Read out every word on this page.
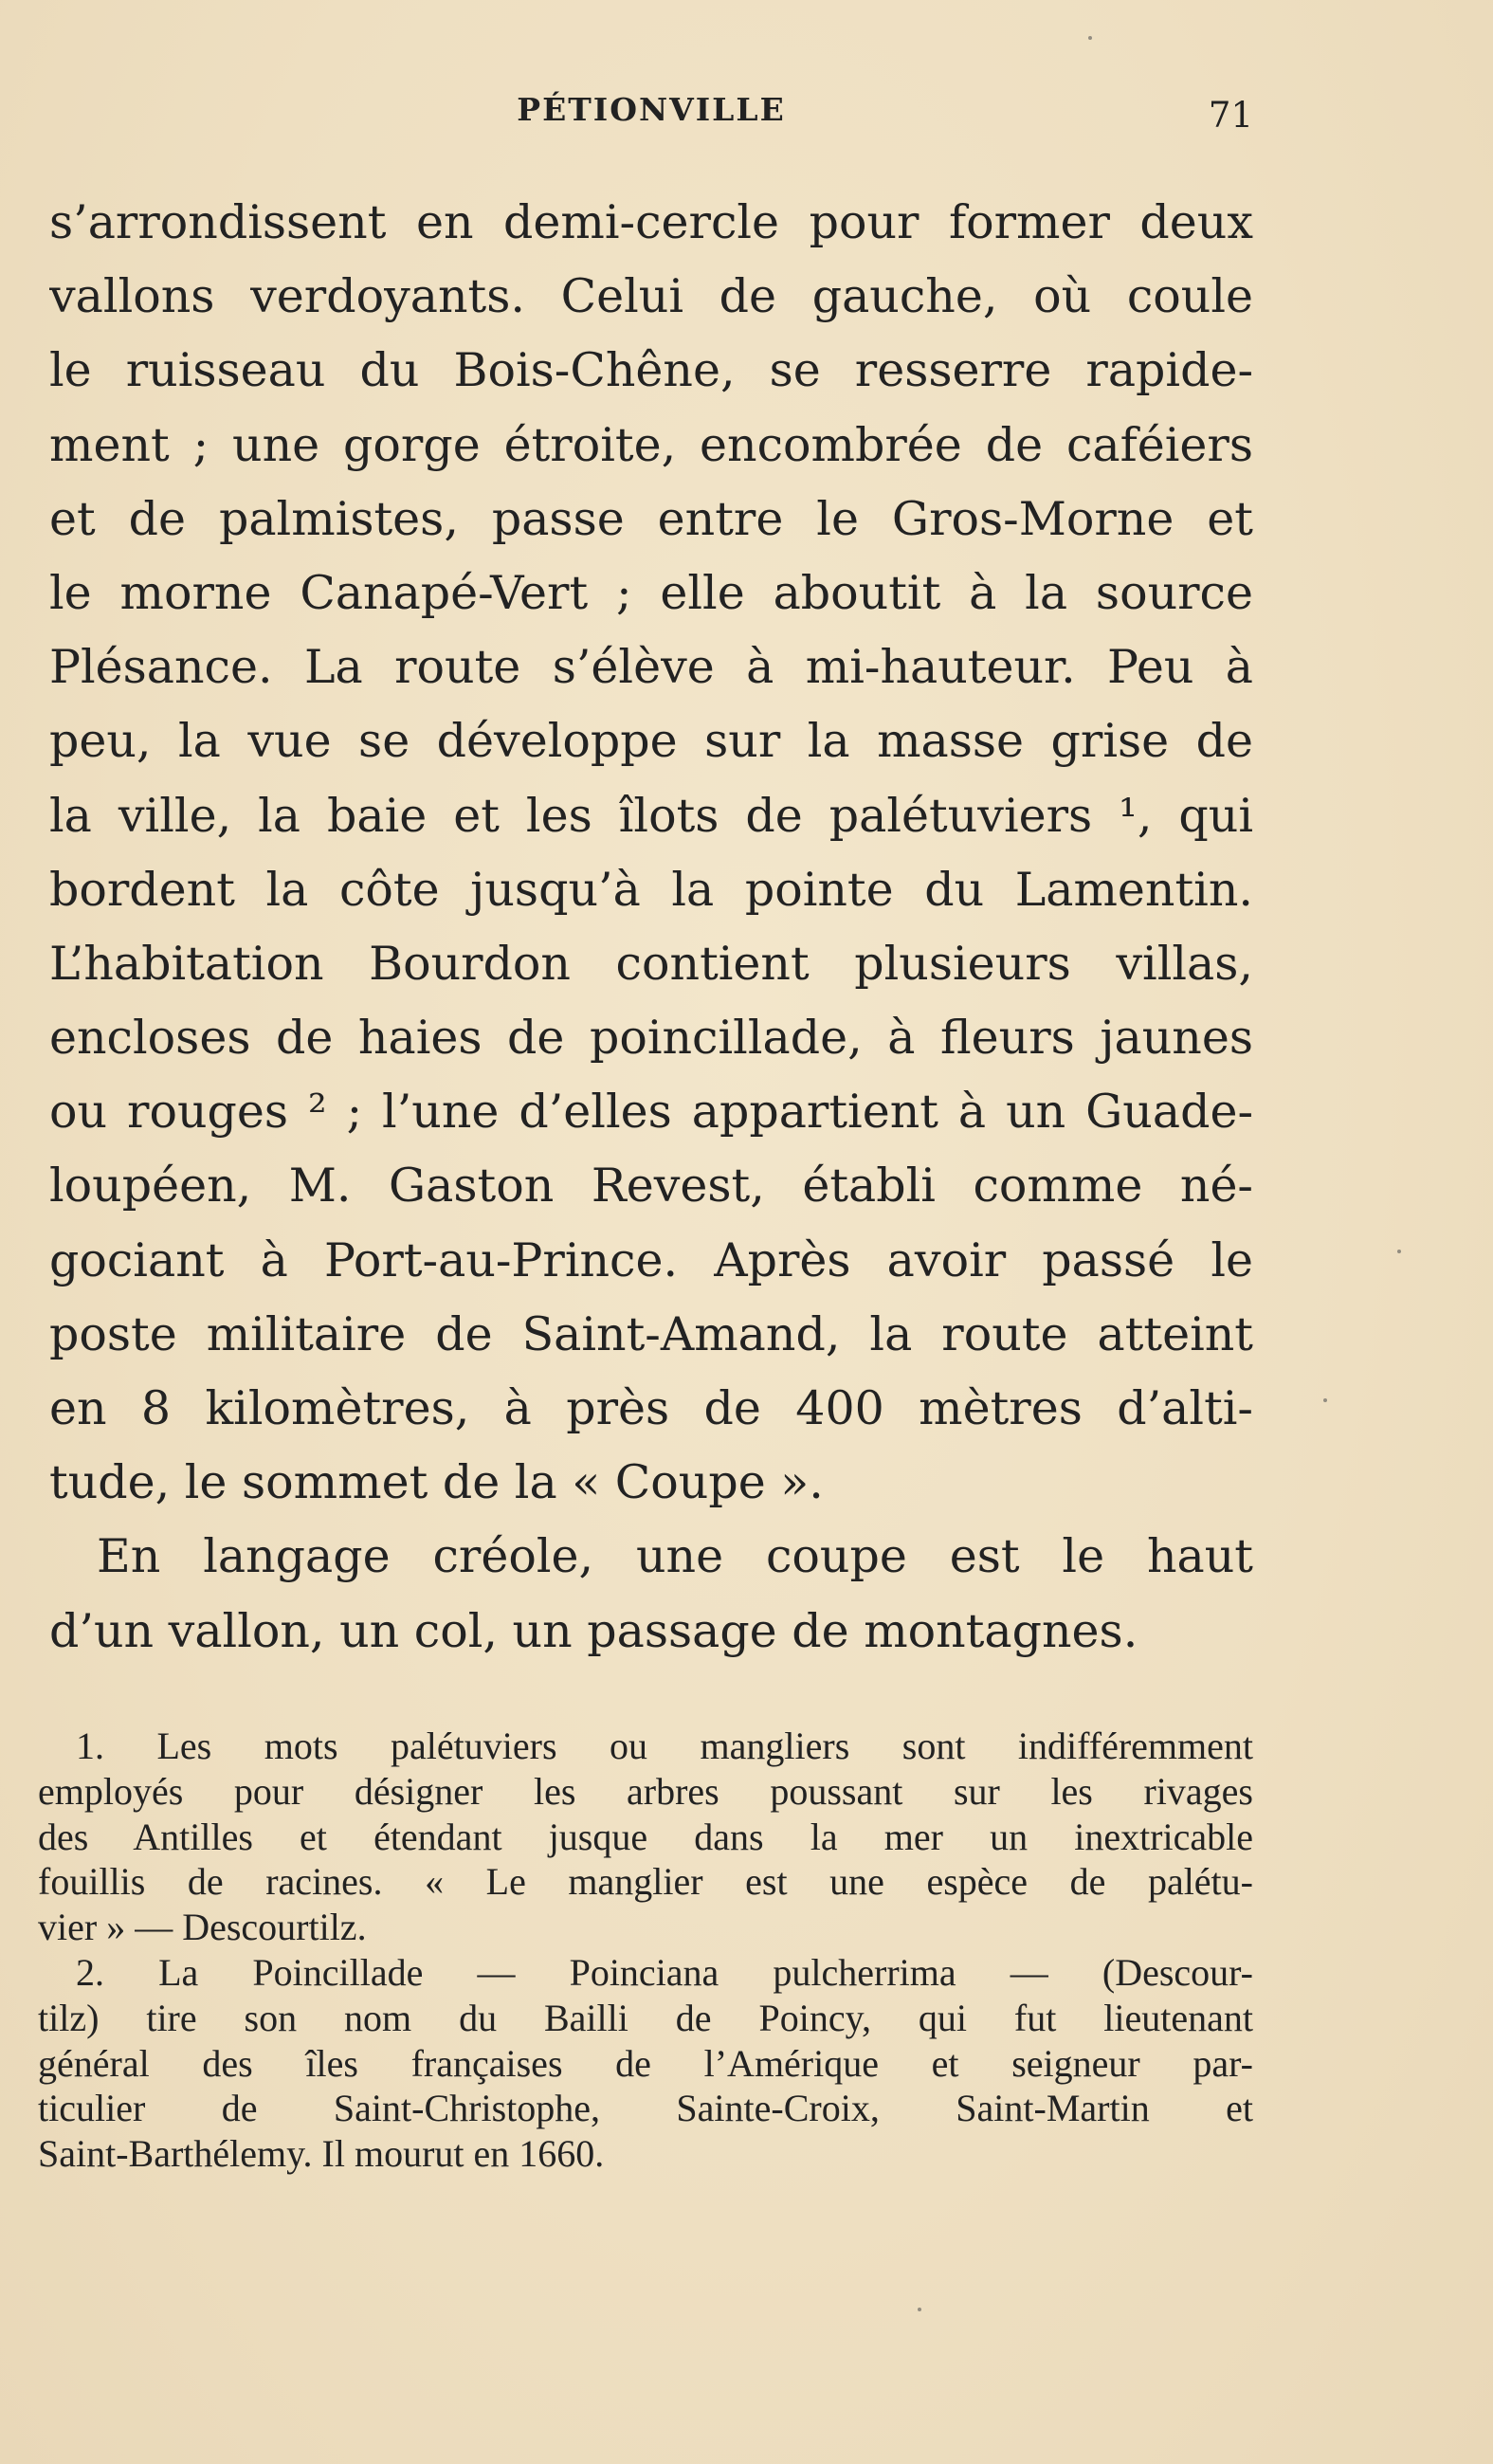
PÉTIONVILLE	71
s’arrondissent en demi-cercle pour former deux
vallons verdoyants. Celui de gauche, où coule
le ruisseau du Bois-Chêne, se resserre rapide-
ment ; une gorge étroite, encombrée de caféiers
et de palmistes, passe entre le Gros-Morne et
le morne Canapé-Vert ; elle aboutit à la source
Plésance. La route s’élève à mi-hauteur. Peu à
peu, la vue se développe sur la masse grise de
la ville, la baie et les îlots de palétuviers ¹, qui
bordent la côte jusqu’à la pointe du Lamentin.
L’habitation Bourdon contient plusieurs villas,
encloses de haies de poincillade, à fleurs jaunes
ou rouges ² ; l’une d’elles appartient à un Guade-
loupéen, M. Gaston Revest, établi comme né-
gociant à Port-au-Prince. Après avoir passé le
poste militaire de Saint-Amand, la route atteint
en 8 kilomètres, à près de 400 mètres d’alti-
tude, le sommet de la « Coupe ».
En langage créole, une coupe est le haut
d’un vallon, un col, un passage de montagnes.
1. Les mots palétuviers ou mangliers sont indifféremment
employés pour désigner les arbres poussant sur les rivages
des Antilles et étendant jusque dans la mer un inextricable
fouillis de racines. « Le manglier est une espèce de palétu-
vier » — Descourtilz.
2. La Poincillade — Poinciana pulcherrima — (Descour-
tilz) tire son nom du Bailli de Poincy, qui fut lieutenant
général des îles françaises de l’Amérique et seigneur par-
ticulier de Saint-Christophe, Sainte-Croix, Saint-Martin et
Saint-Barthélemy. Il mourut en 1660.
